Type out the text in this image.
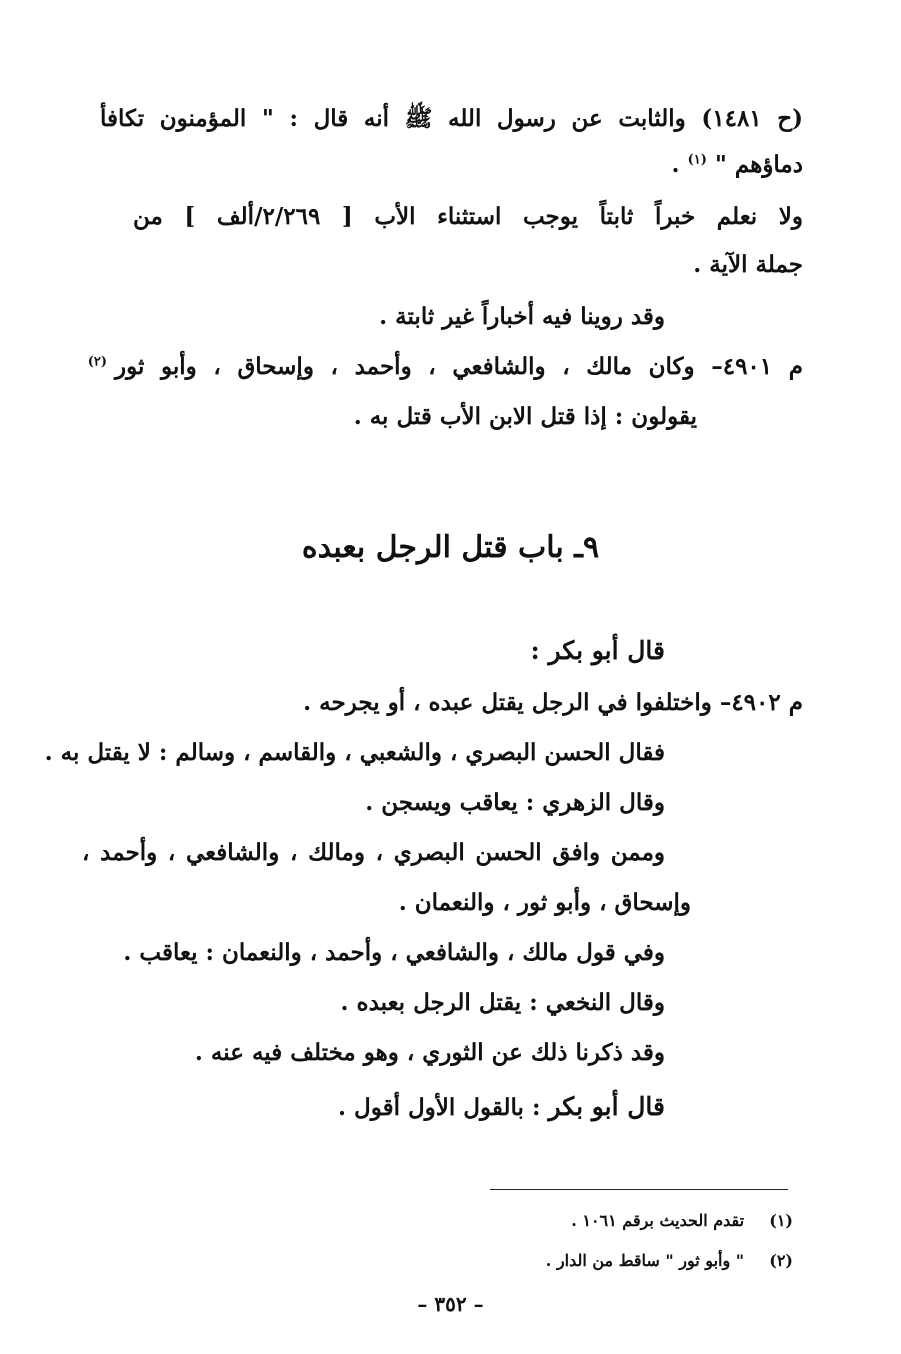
(ح ١٤٨١) والثابت عن رسول الله ﷺ أنه قال : " المؤمنون تكافأ
دماؤهم " $^{(١)}$ .
ولا نعلم خبراً ثابتاً يوجب استثناء الأب [ ٢/٢٦٩/ألف ] من
جملة الآية .
وقد روينا فيه أخباراً غير ثابتة .
م ٤٩٠١– وكان مالك ، والشافعي ، وأحمد ، وإسحاق ، وأبو ثور $^{(٢)}$
يقولون : إذا قتل الابن الأب قتل به .
٩ـ باب قتل الرجل بعبده
قال أبو بكر :
م ٤٩٠٢– واختلفوا في الرجل يقتل عبده ، أو يجرحه .
فقال الحسن البصري ، والشعبي ، والقاسم ، وسالم : لا يقتل به .
وقال الزهري : يعاقب ويسجن .
وممن وافق الحسن البصري ، ومالك ، والشافعي ، وأحمد ،
وإسحاق ، وأبو ثور ، والنعمان .
وفي قول مالك ، والشافعي ، وأحمد ، والنعمان : يعاقب .
وقال النخعي : يقتل الرجل بعبده .
وقد ذكرنا ذلك عن الثوري ، وهو مختلف فيه عنه .
قال أبو بكر : بالقول الأول أقول .
(١)  تقدم الحديث برقم ١٠٦١ .
(٢)  " وأبو ثور " ساقط من الدار .
– ٣٥٢ –
